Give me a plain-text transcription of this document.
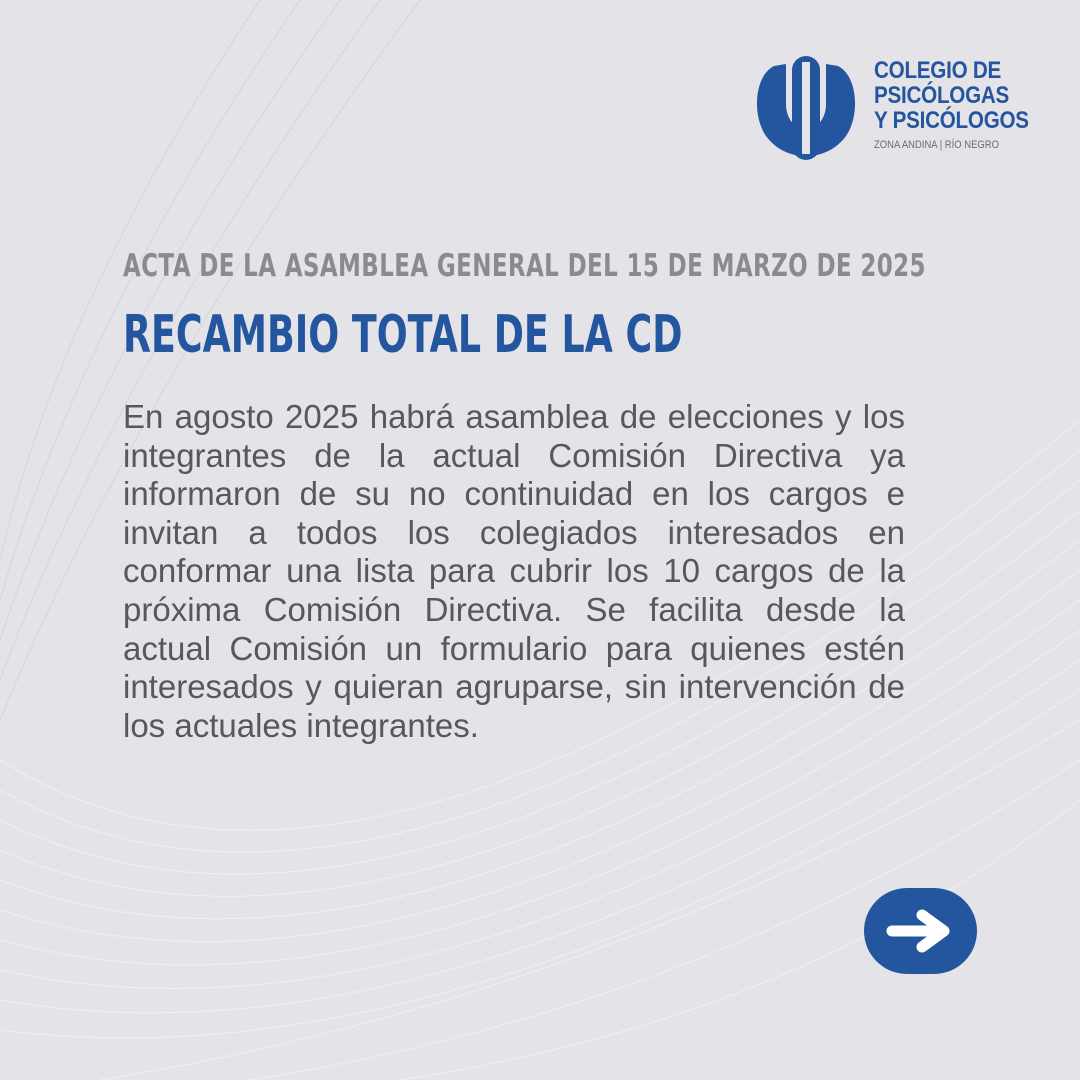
COLEGIO DE
PSICÓLOGAS
Y PSICÓLOGOS
ZONA ANDINA | RÍO NEGRO
ACTA DE LA ASAMBLEA GENERAL DEL 15 DE MARZO DE 2025
RECAMBIO TOTAL DE LA CD

En agosto 2025 habrá asamblea de elecciones y los integrantes de la actual Comisión Directiva ya informaron de su no continuidad en los cargos e invitan a todos los colegiados interesados en conformar una lista para cubrir los 10 cargos de la próxima Comisión Directiva. Se facilita desde la actual Comisión un formulario para quienes estén interesados y quieran agruparse, sin intervención de los actuales integrantes.
